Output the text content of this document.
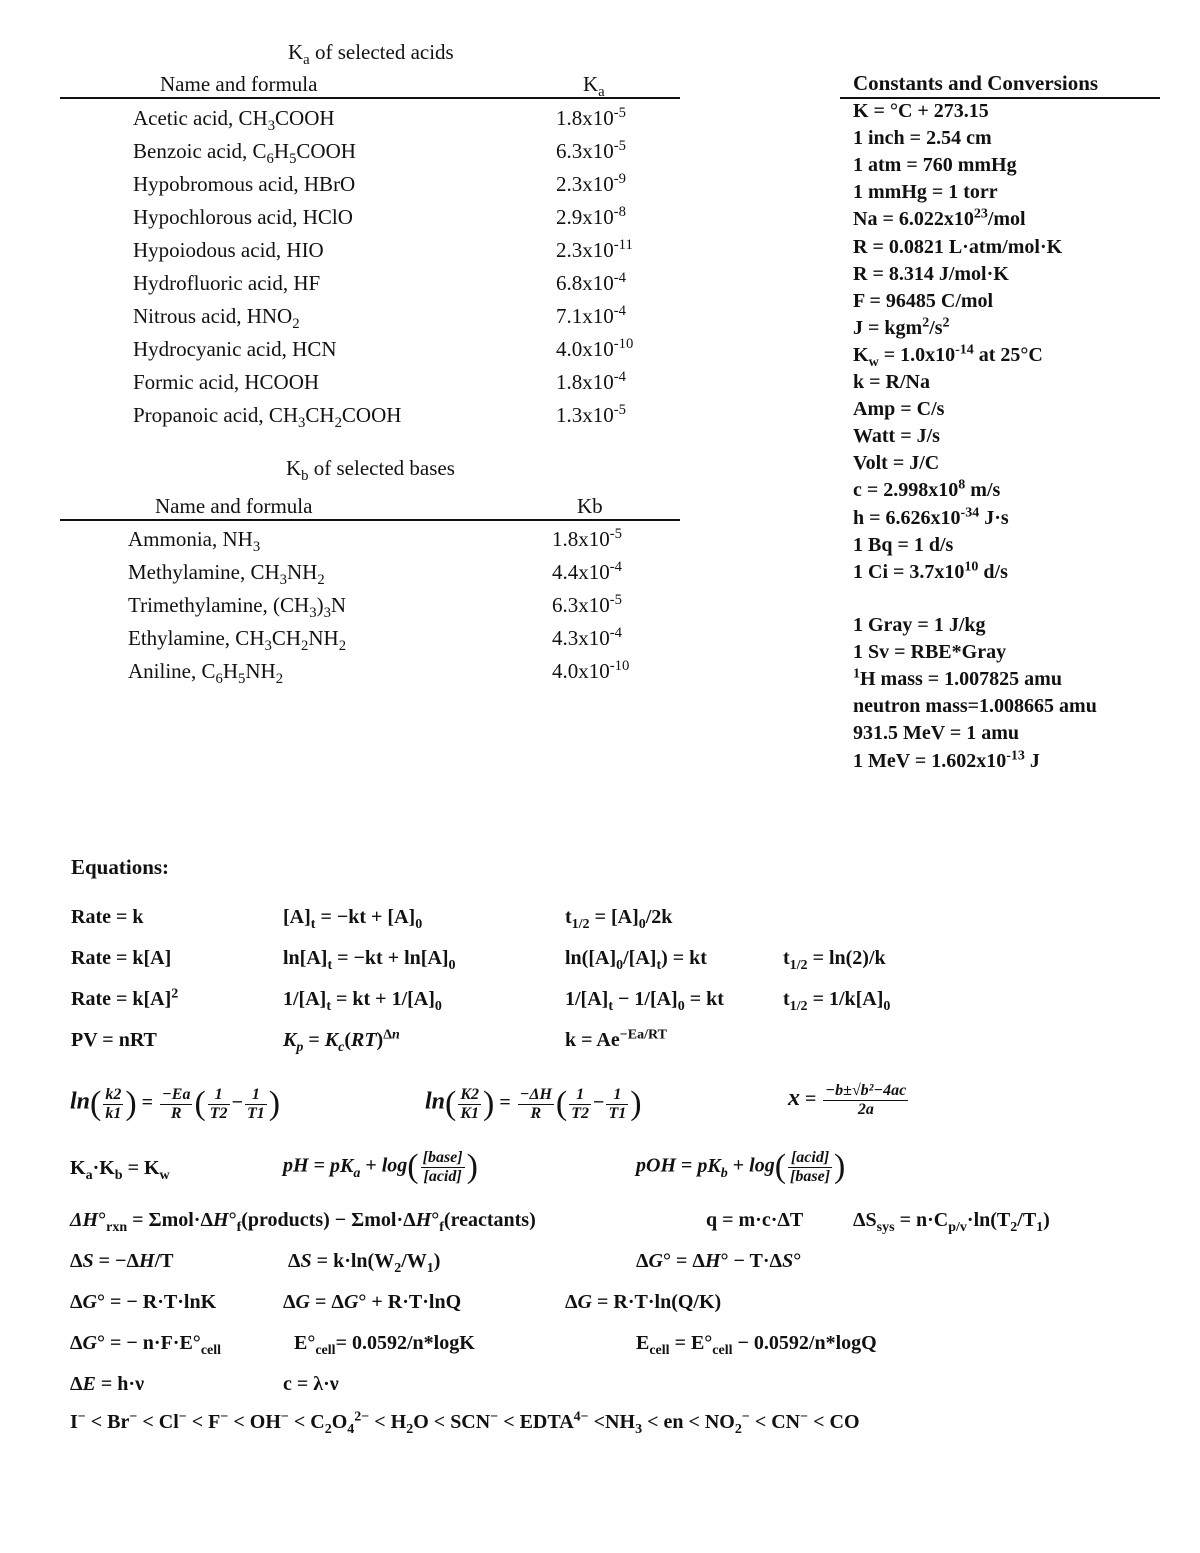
$K_a$ of selected acids
Name and formula	$K_a$
Acetic acid, $CH_3COOH$	$1.8x10^{-5}$
Benzoic acid, $C_6H_5COOH$	$6.3x10^{-5}$
Hypobromous acid, HBrO	$2.3x10^{-9}$
Hypochlorous acid, HClO	$2.9x10^{-8}$
Hypoiodous acid, HIO	$2.3x10^{-11}$
Hydrofluoric acid, HF	$6.8x10^{-4}$
Nitrous acid, $HNO_2$	$7.1x10^{-4}$
Hydrocyanic acid, HCN	$4.0x10^{-10}$
Formic acid, HCOOH	$1.8x10^{-4}$
Propanoic acid, $CH_3CH_2COOH$	$1.3x10^{-5}$
$K_b$ of selected bases
Name and formula	Kb
Ammonia, $NH_3$	$1.8x10^{-5}$
Methylamine, $CH_3NH_2$	$4.4x10^{-4}$
Trimethylamine, $(CH_3)_3N$	$6.3x10^{-5}$
Ethylamine, $CH_3CH_2NH_2$	$4.3x10^{-4}$
Aniline, $C_6H_5NH_2$	$4.0x10^{-10}$
Constants and Conversions
K = °C + 273.15
1 inch = 2.54 cm
1 atm = 760 mmHg
1 mmHg = 1 torr
$Na = 6.022x10^{23}$/mol
R = 0.0821 L·atm/mol·K
R = 8.314 J/mol·K
F = 96485 C/mol
$J = kgm^2/s^2$
$K_w = 1.0x10^{-14}$ at 25°C
k = R/Na
Amp = C/s
Watt = J/s
Volt = J/C
$c = 2.998x10^8$ m/s
$h = 6.626x10^{-34}$ J·s
1 Bq = 1 d/s
1 $Ci = 3.7x10^{10}$ d/s
1 Gray = 1 J/kg
1 Sv = RBE*Gray
$^1$H mass = 1.007825 amu
neutron mass=1.008665 amu
931.5 MeV = 1 amu
1 MeV = $1.602x10^{-13}$ J
Equations:
Rate = k	$[A]_t = -kt + [A]_0$	$t_{1/2} = [A]_0/2k$
Rate = k[A]	$\ln[A]_t = -kt + \ln[A]_0$	$\ln([A]_0/[A]_t)$ = kt	$t_{1/2} = \ln(2)/k$
Rate = $k[A]^2$	$1/[A]_t$ = kt + $1/[A]_0$	$1/[A]_t - 1/[A]_0$ = kt	$t_{1/2} = 1/k[A]_0$
PV = nRT	$K_p = K_c(RT)^{\Delta n}$	$k = Ae^{-Ea/RT}$
$\ln( \frac{k2}{k1}$ ) = $\frac{-Ea}{R}$ ( $\frac{1}{T2} - \frac{1}{T1}$ )	$\ln( \frac{K2}{K1}$ ) = $\frac{-\Delta H}{R}$ ( $\frac{1}{T2} - \frac{1}{T1}$ )	$x = \frac{\text{−b±√b²−4ac}}{2a}$
$K_a\cdot K_b = K_w$	pH = $pK_a + \log( \frac{\text{[base]}}{\text{[acid]}}$ )	pOH = $pK_b + \log( \frac{\text{[acid]}}{\text{[base]}}$ )
$\Delta H^\circ_{rxn}$ = $\Sigma mol\cdot\Delta H^\circ_f(products)$ − $\Sigma mol\cdot\Delta H^\circ_f(reactants)$	q = m·c·ΔT $\Delta S_{sys} = n\cdot C_{p/v}\cdot\ln(T_2/T_1)$
ΔS = −ΔH/T	$\Delta S = k\cdot\ln(W_2/W_1)$	ΔG° = ΔH° − T·ΔS°
ΔG° = − R·T·lnK	ΔG = ΔG° + R·T·lnQ	ΔG = R·T·ln(Q/K)
ΔG° = − $n\cdot F\cdot E^\circ_{cell}$	$E^\circ_{cell}= 0.0592/n*\log K$	$E_{cell} = E^\circ_{cell} - 0.0592/n*\log Q$
ΔE = h·ν	c = λ·ν
$I^- < Br^- < Cl^- < F^- < OH^- < C_2O_4^{2-} < H_2O < SCN^-$ < $EDTA^{4-} <NH_3$ < en < $NO_2^- < CN^-$ < CO
